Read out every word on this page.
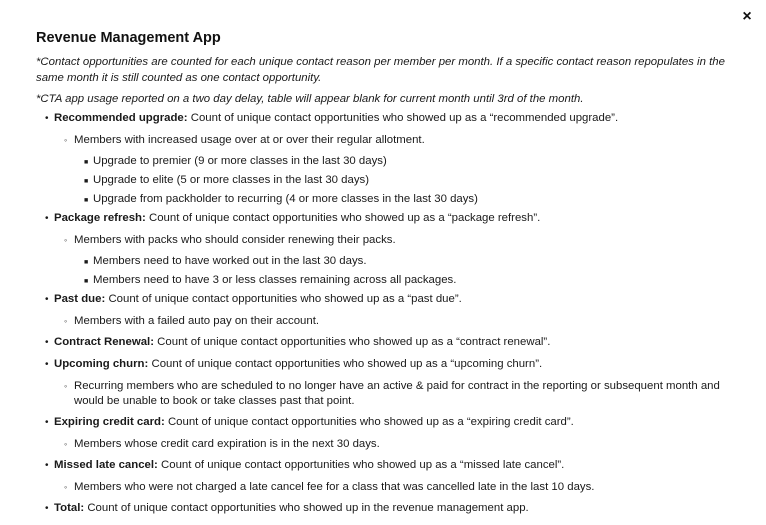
×
Revenue Management App

*Contact opportunities are counted for each unique contact reason per member per month. If a specific contact reason repopulates in the same month it is still counted as one contact opportunity.

*CTA app usage reported on a two day delay, table will appear blank for current month until 3rd of the month.

• Recommended upgrade: Count of unique contact opportunities who showed up as a “recommended upgrade”.
◦ Members with increased usage over at or over their regular allotment.
■ Upgrade to premier (9 or more classes in the last 30 days)
■ Upgrade to elite (5 or more classes in the last 30 days)
■ Upgrade from packholder to recurring (4 or more classes in the last 30 days)
• Package refresh: Count of unique contact opportunities who showed up as a “package refresh”.
◦ Members with packs who should consider renewing their packs.
■ Members need to have worked out in the last 30 days.
■ Members need to have 3 or less classes remaining across all packages.
• Past due: Count of unique contact opportunities who showed up as a “past due”.
◦ Members with a failed auto pay on their account.
• Contract Renewal: Count of unique contact opportunities who showed up as a “contract renewal”.
• Upcoming churn: Count of unique contact opportunities who showed up as a “upcoming churn”.
◦ Recurring members who are scheduled to no longer have an active & paid for contract in the reporting or subsequent month and would be unable to book or take classes past that point.
• Expiring credit card: Count of unique contact opportunities who showed up as a “expiring credit card”.
◦ Members whose credit card expiration is in the next 30 days.
• Missed late cancel: Count of unique contact opportunities who showed up as a “missed late cancel”.
◦ Members who were not charged a late cancel fee for a class that was cancelled late in the last 10 days.
• Total: Count of unique contact opportunities who showed up in the revenue management app.
